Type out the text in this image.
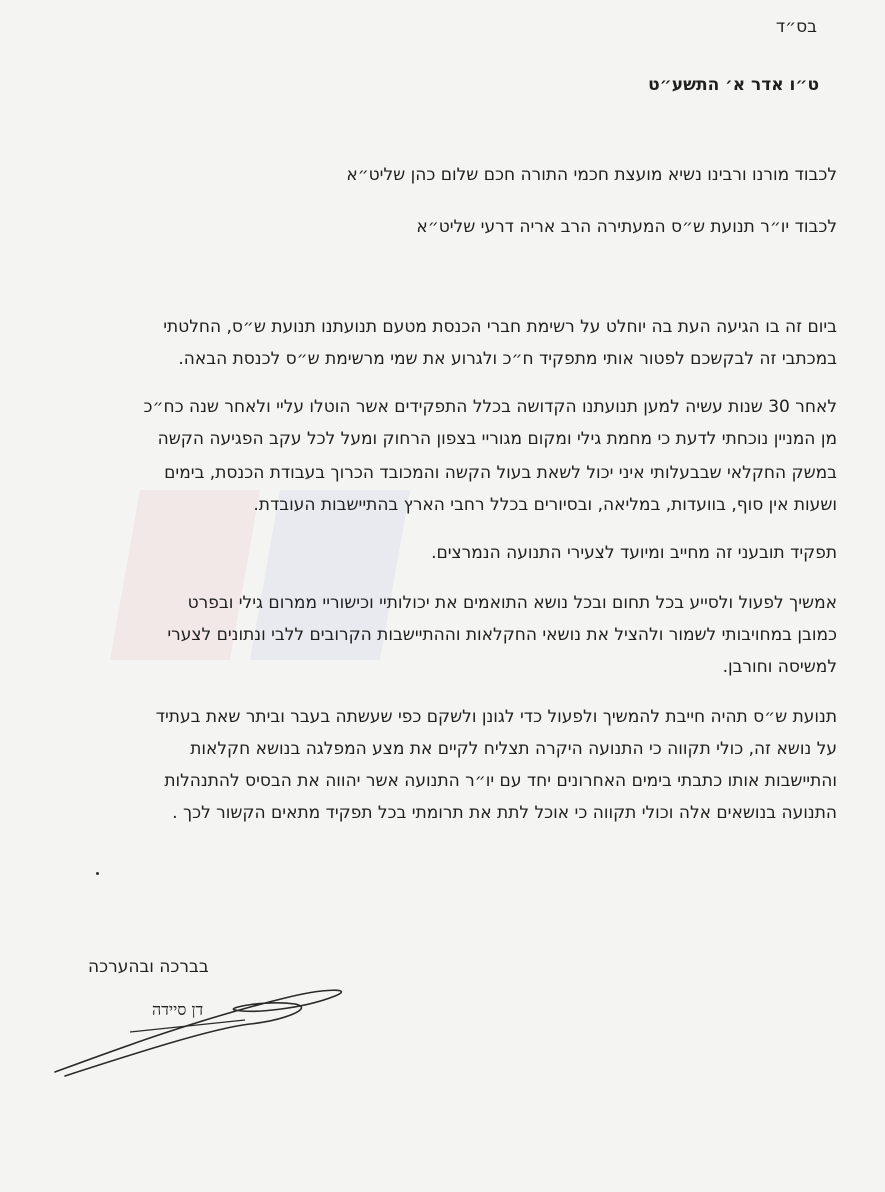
בס״ד
ט״ו אדר א׳ התשע״ט
לכבוד מורנו ורבינו נשיא מועצת חכמי התורה חכם שלום כהן שליט״א
לכבוד יו״ר תנועת ש״ס המעתירה הרב אריה דרעי שליט״א
ביום זה בו הגיעה העת בה יוחלט על רשימת חברי הכנסת מטעם תנועתנו תנועת ש״ס, החלטתי
במכתבי זה לבקשכם לפטור אותי מתפקיד ח״כ ולגרוע את שמי מרשימת ש״ס לכנסת הבאה.
לאחר 30 שנות עשיה למען תנועתנו הקדושה בכלל התפקידים אשר הוטלו עליי ולאחר שנה כח״כ
מן המניין נוכחתי לדעת כי מחמת גילי ומקום מגוריי בצפון הרחוק ומעל לכל עקב הפגיעה הקשה
במשק החקלאי שבבעלותי איני יכול לשאת בעול הקשה והמכובד הכרוך בעבודת הכנסת, בימים
ושעות אין סוף, בוועדות, במליאה, ובסיורים בכלל רחבי הארץ בהתיישבות העובדת.
תפקיד תובעני זה מחייב ומיועד לצעירי התנועה הנמרצים.
אמשיך לפעול ולסייע בכל תחום ובכל נושא התואמים את יכולותיי וכישוריי ממרום גילי ובפרט
כמובן במחויבותי לשמור ולהציל את נושאי החקלאות וההתיישבות הקרובים ללבי ונתונים לצערי
למשיסה וחורבן.
תנועת ש״ס תהיה חייבת להמשיך ולפעול כדי לגונן ולשקם כפי שעשתה בעבר וביתר שאת בעתיד
על נושא זה, כולי תקווה כי התנועה היקרה תצליח לקיים את מצע המפלגה בנושא חקלאות
והתיישבות אותו כתבתי בימים האחרונים יחד עם יו״ר התנועה אשר יהווה את הבסיס להתנהלות
התנועה בנושאים אלה וכולי תקווה כי אוכל לתת את תרומתי בכל תפקיד מתאים הקשור לכך .
בברכה ובהערכה
דן סיידה
